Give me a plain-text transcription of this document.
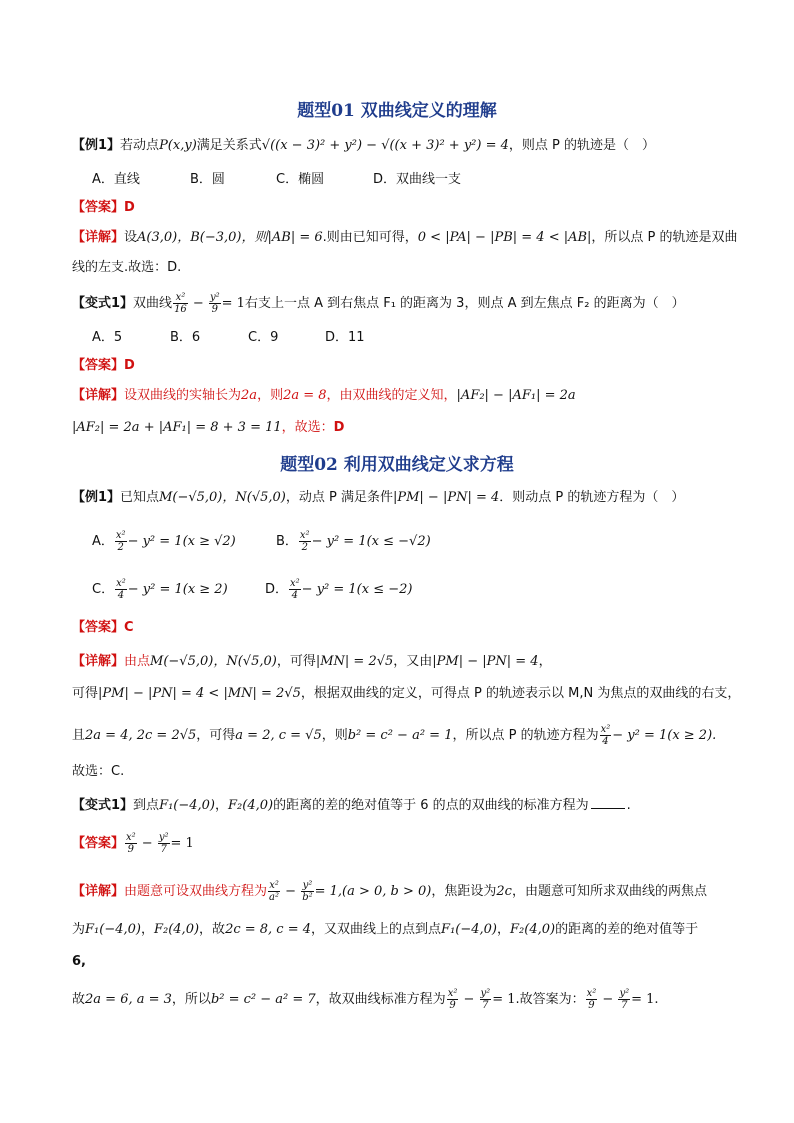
题型01 双曲线定义的理解
【例1】若动点P(x,y)满足关系式√((x − 3)² + y²) − √((x + 3)² + y²) = 4，则点 P 的轨迹是（　）
A．直线	B．圆	C．椭圆	D．双曲线一支
【答案】D
【详解】设A(3,0)，B(−3,0)，则|AB| = 6.则由已知可得，0 < |PA| − |PB| = 4 < |AB|，所以点 P 的轨迹是双曲
线的左支.故选：D.
【变式1】双曲线 $\frac{\text{x²}}{16} - \frac{\text{y²}}{9} = 1$右支上一点 A 到右焦点 F₁ 的距离为 3，则点 A 到左焦点 F₂ 的距离为（　）
A．5	B．6	C．9	D．11
【答案】D
【详解】设双曲线的实轴长为2a，则2a = 8，由双曲线的定义知，|AF₂| − |AF₁| = 2a
|AF₂| = 2a + |AF₁| = 8 + 3 = 11，故选：D
题型02 利用双曲线定义求方程
【例1】已知点M(−√5,0)，N(√5,0)，动点 P 满足条件|PM| − |PN| = 4．则动点 P 的轨迹方程为（　）
A． $\frac{\text{x²}}{2} - y^2 = 1(x \ge √2)$	B． $\frac{\text{x²}}{2} - y^2 = 1(x \le -√2)$
C． $\frac{\text{x²}}{4} - y^2 = 1(x \ge 2)$	D． $\frac{\text{x²}}{4} - y^2 = 1(x \le -2)$
【答案】C
【详解】由点M(−√5,0)，N(√5,0)，可得|MN| = 2√5，又由|PM| − |PN| = 4，
可得|PM| − |PN| = 4 < |MN| = 2√5，根据双曲线的定义，可得点 P 的轨迹表示以 M,N 为焦点的双曲线的右支，
且2a = 4, 2c = 2√5，可得a = 2, c = √5，则b² = c² − a² = 1，所以点 P 的轨迹方程为 $\frac{\text{x²}}{4} - y^2 = 1(x \ge 2)$.
故选：C.
【变式1】到点F₁(−4,0)，F₂(4,0)的距离的差的绝对值等于 6 的点的双曲线的标准方程为	.
【答案】 $\frac{\text{x²}}{9} - \frac{\text{y²}}{7} = 1$
【详解】由题意可设双曲线方程为 $\frac{\text{x²}}{\text{a²}} - \frac{\text{y²}}{\text{b²}} = 1,(a > 0$, b > 0)，焦距设为2c，由题意可知所求双曲线的两焦点
为F₁(−4,0)，F₂(4,0)，故2c = 8, c = 4，又双曲线上的点到点F₁(−4,0)，F₂(4,0)的距离的差的绝对值等于
6,
故2a = 6, a = 3，所以b² = c² − a² = 7，故双曲线标准方程为 $\frac{\text{x²}}{9} - \frac{\text{y²}}{7} = 1$.故答案为： $\frac{\text{x²}}{9} - \frac{\text{y²}}{7} = 1$.
